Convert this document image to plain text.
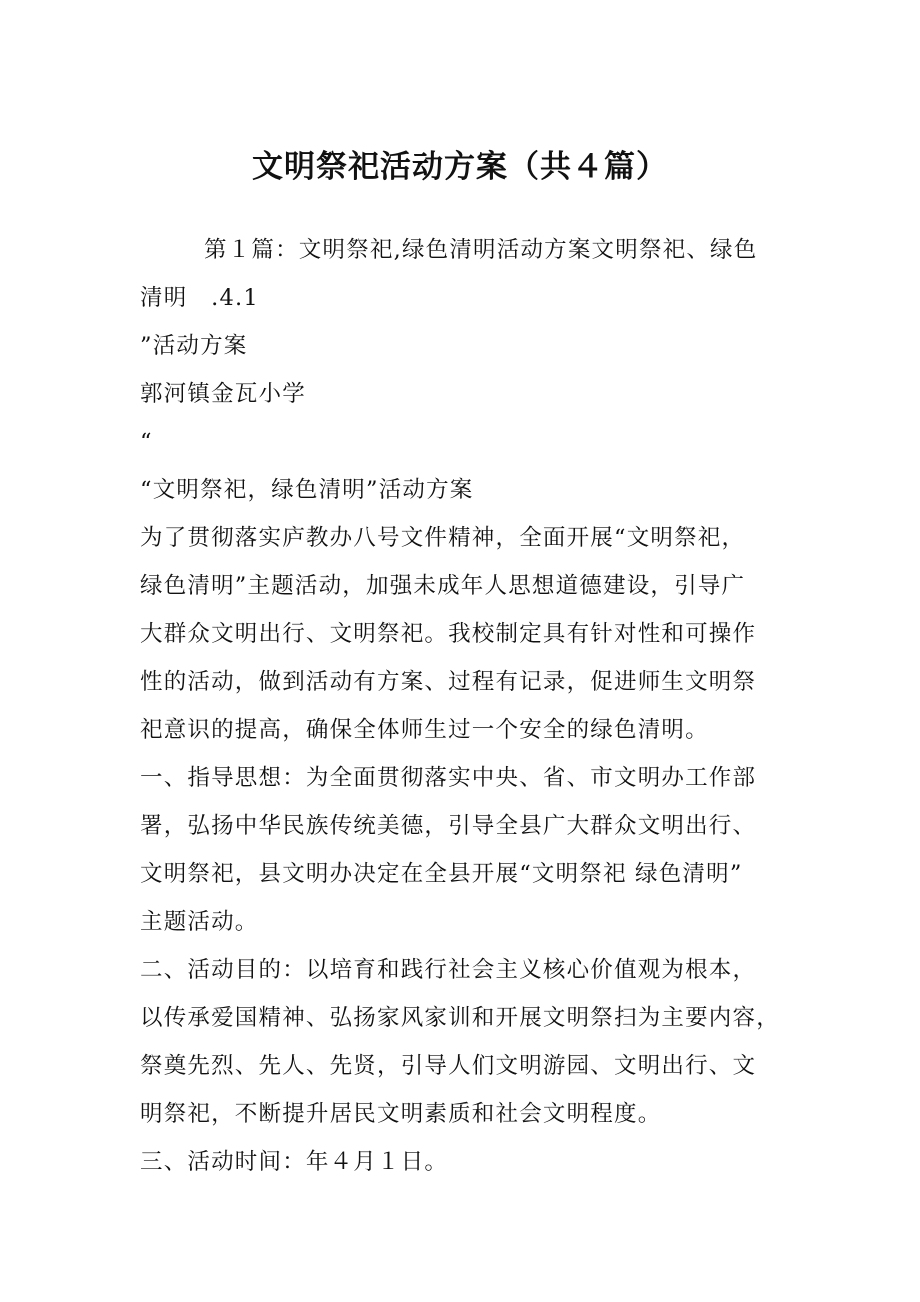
文明祭祀活动方案（共４篇）
第１篇：文明祭祀,绿色清明活动方案文明祭祀、绿色
清明　.4.1
”活动方案
郭河镇金瓦小学
“
“文明祭祀，绿色清明”活动方案
为了贯彻落实庐教办八号文件精神，全面开展“文明祭祀，
绿色清明”主题活动，加强未成年人思想道德建设，引导广
大群众文明出行、文明祭祀。我校制定具有针对性和可操作
性的活动，做到活动有方案、过程有记录，促进师生文明祭
祀意识的提高，确保全体师生过一个安全的绿色清明。
一、指导思想：为全面贯彻落实中央、省、市文明办工作部
署，弘扬中华民族传统美德，引导全县广大群众文明出行、
文明祭祀，县文明办决定在全县开展“文明祭祀 绿色清明”
主题活动。
二、活动目的：以培育和践行社会主义核心价值观为根本，
以传承爱国精神、弘扬家风家训和开展文明祭扫为主要内容，
祭奠先烈、先人、先贤，引导人们文明游园、文明出行、文
明祭祀，不断提升居民文明素质和社会文明程度。
三、活动时间：年４月１日。
